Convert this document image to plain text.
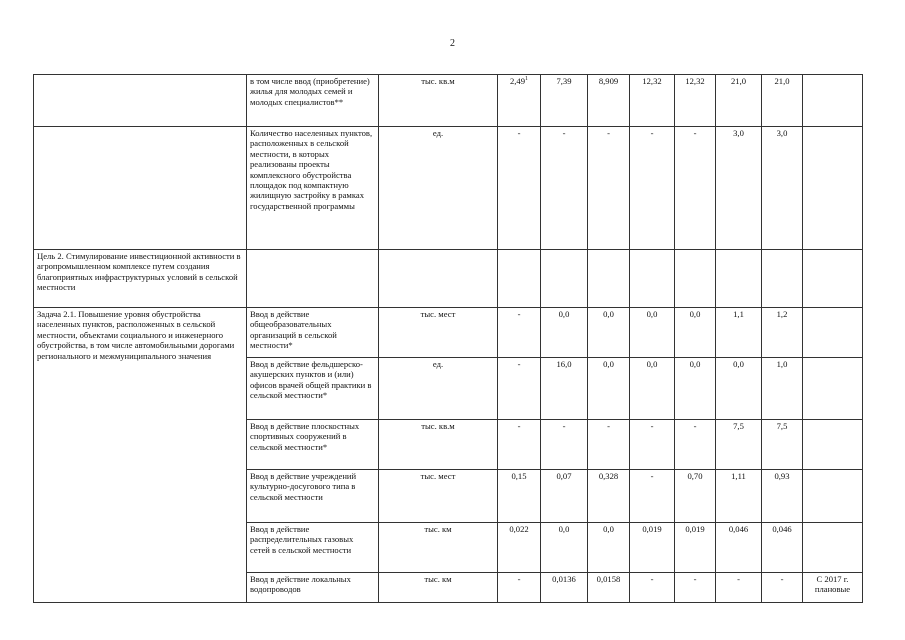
2
	в том числе ввод (приобретение) жилья для молодых семей и молодых специалистов**	тыс. кв.м	2,49$^1$	7,39	8,909	12,32	12,32	21,0	21,0	
	Количество населенных пунктов, расположенных в сельской местности, в которых реализованы проекты комплексного обустройства площадок под компактную жилищную застройку в рамках государственной программы	ед.	-	-	-	-	-	3,0	3,0	
Цель 2. Стимулирование инвестиционной активности в агропромышленном комплексе путем создания благоприятных инфраструктурных условий в сельской местности										
Задача 2.1. Повышение уровня обустройства населенных пунктов, расположенных в сельской местности, объектами социального и инженерного обустройства, в том числе автомобильными дорогами регионального и межмуниципального значения	Ввод в действие общеобразовательных организаций в сельской местности*	тыс. мест	-	0,0	0,0	0,0	0,0	1,1	1,2	
	Ввод в действие фельдшерско-акушерских пунктов и (или) офисов врачей общей практики в сельской местности*	ед.	-	16,0	0,0	0,0	0,0	0,0	1,0	
	Ввод в действие плоскостных спортивных сооружений в сельской местности*	тыс. кв.м	-	-	-	-	-	7,5	7,5	
	Ввод в действие учреждений культурно-досугового типа в сельской местности	тыс. мест	0,15	0,07	0,328	-	0,70	1,11	0,93	
	Ввод в действие распределительных газовых сетей в сельской местности	тыс. км	0,022	0,0	0,0	0,019	0,019	0,046	0,046	
	Ввод в действие локальных водопроводов	тыс. км	-	0,0136	0,0158	-	-	-	-	С 2017 г. плановые
